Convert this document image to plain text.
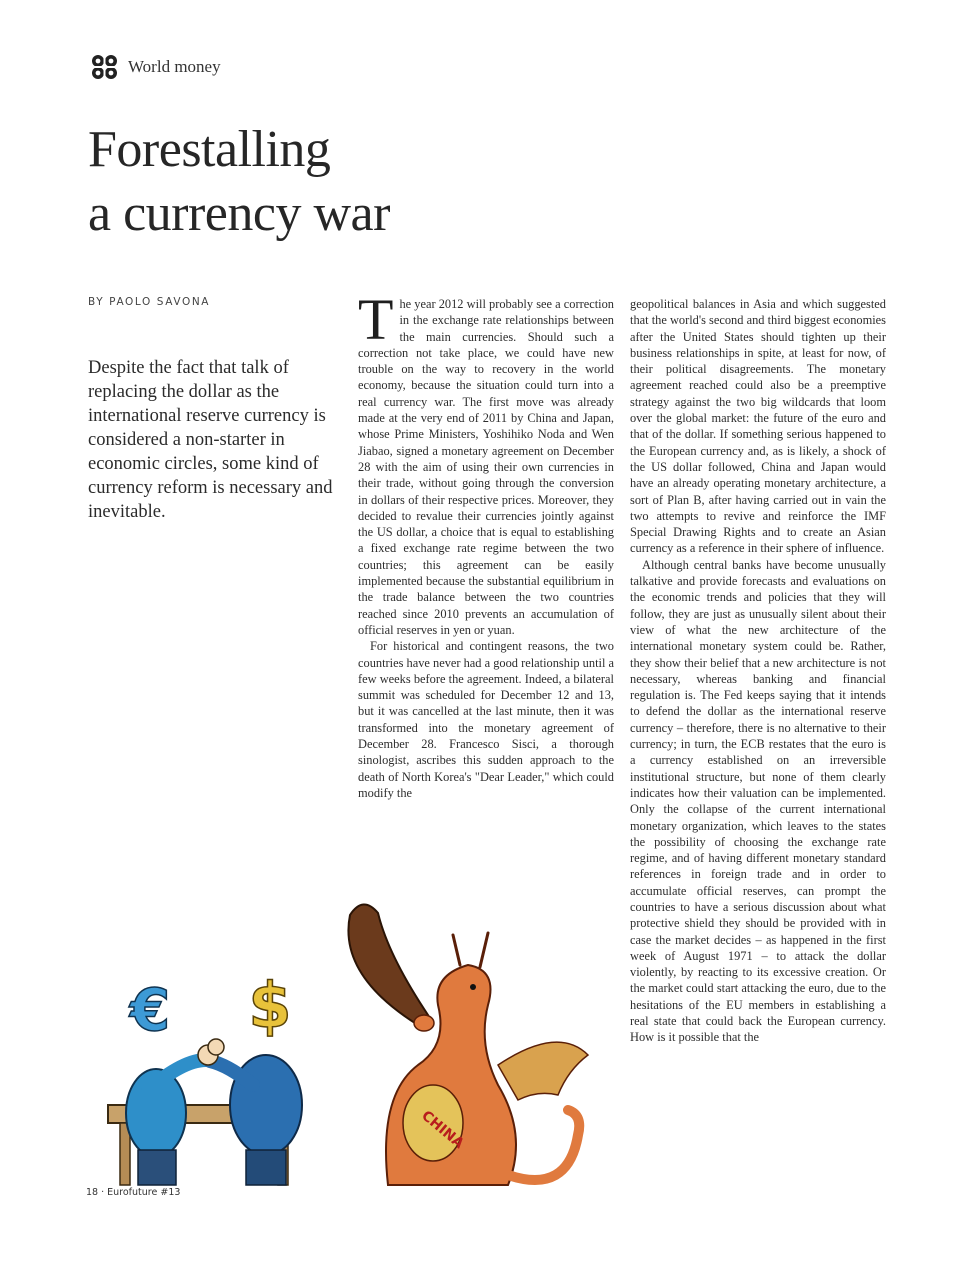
World money
Forestalling
a currency war
BY PAOLO SAVONA

Despite the fact that talk of replacing the dollar as the international reserve currency is considered a non-starter in economic circles, some kind of currency reform is necessary and inevitable.

The year 2012 will probably see a correction in the exchange rate relationships between the main currencies. Should such a correction not take place, we could have new trouble on the way to recovery in the world economy, because the situation could turn into a real currency war. The first move was already made at the very end of 2011 by China and Japan, whose Prime Ministers, Yoshihiko Noda and Wen Jiabao, signed a monetary agreement on December 28 with the aim of using their own currencies in their trade, without going through the conversion in dollars of their respective prices. Moreover, they decided to revalue their currencies jointly against the US dollar, a choice that is equal to establishing a fixed exchange rate regime between the two countries; this agreement can be easily implemented because the substantial equilibrium in the trade balance between the two countries reached since 2010 prevents an accumulation of official reserves in yen or yuan.

For historical and contingent reasons, the two countries have never had a good relationship until a few weeks before the agreement. Indeed, a bilateral summit was scheduled for December 12 and 13, but it was cancelled at the last minute, then it was transformed into the monetary agreement of December 28. Francesco Sisci, a thorough sinologist, ascribes this sudden approach to the death of North Korea's "Dear Leader," which could modify the

geopolitical balances in Asia and which suggested that the world's second and third biggest economies after the United States should tighten up their business relationships in spite, at least for now, of their political disagreements. The monetary agreement reached could also be a preemptive strategy against the two big wildcards that loom over the global market: the future of the euro and that of the dollar. If something serious happened to the European currency and, as is likely, a shock of the US dollar followed, China and Japan would have an already operating monetary architecture, a sort of Plan B, after having carried out in vain the two attempts to revive and reinforce the IMF Special Drawing Rights and to create an Asian currency as a reference in their sphere of influence.

Although central banks have become unusually talkative and provide forecasts and evaluations on the economic trends and policies that they will follow, they are just as unusually silent about their view of what the new architecture of the international monetary system could be. Rather, they show their belief that a new architecture is not necessary, whereas banking and financial regulation is. The Fed keeps saying that it intends to defend the dollar as the international reserve currency – therefore, there is no alternative to their currency; in turn, the ECB restates that the euro is a currency established on an irreversible institutional structure, but none of them clearly indicates how their valuation can be implemented. Only the collapse of the current international monetary organization, which leaves to the states the possibility of choosing the exchange rate regime, and of having different monetary standard references in foreign trade and in order to accumulate official reserves, can prompt the countries to have a serious discussion about what protective shield they should be provided with in case the market decides – as happened in the first week of August 1971 – to attack the dollar violently, by reacting to its excessive creation. Or the market could start attacking the euro, due to the hesitations of the EU members in establishing a real state that could back the European currency. How is it possible that the

€ $
CHINA
18 · Eurofuture #13
